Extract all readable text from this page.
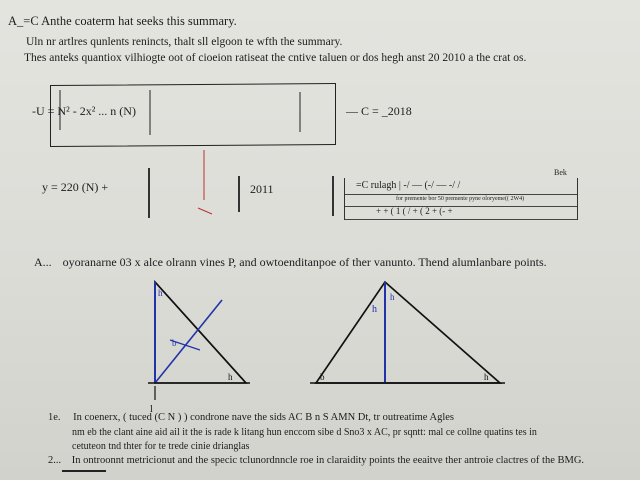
A_=C Anthe coaterm hat seeks this summary.
Uln nr artlres qunlents renincts, thalt sll elgoon te wfth the summary.
Thes anteks quantiox vilhiogte oot of cioeion ratiseat the cntive taluen or dos hegh anst 20 2010 a the crat os.
-U = N² - 2x² ... n (N)	— C = _2018
y = 220 (N) +	2011
Bek
=C rulagh | -/ — (-/ — -/ /
for premente bor 50 premente pyne oloryeme(( 2W4)
+ + ( 1 ( / + ( 2 + (- +
A... oyoranarne 03 x alce olrann vines P, and owtoenditanpoe of ther vanunto. Thend alumlanbare points.
h
b
h
l
h
h
b	h
1e. In coenerx, ( tuced (C N ) ) condrone nave the sids AC B n S AMN Dt, tr outreatime Agles
nm eb the clant aine aid ail it the is rade k litang hun enccom sibe d Sno3 x AC, pr sqntt: mal ce collne quatins tes in
cetuteon tnd thter for te trede cinie drianglas
2... In ontroonnt metricionut and the specic tclunordnncle roe in claraidity points the eeaitve ther antroie clactres of the BMG.
